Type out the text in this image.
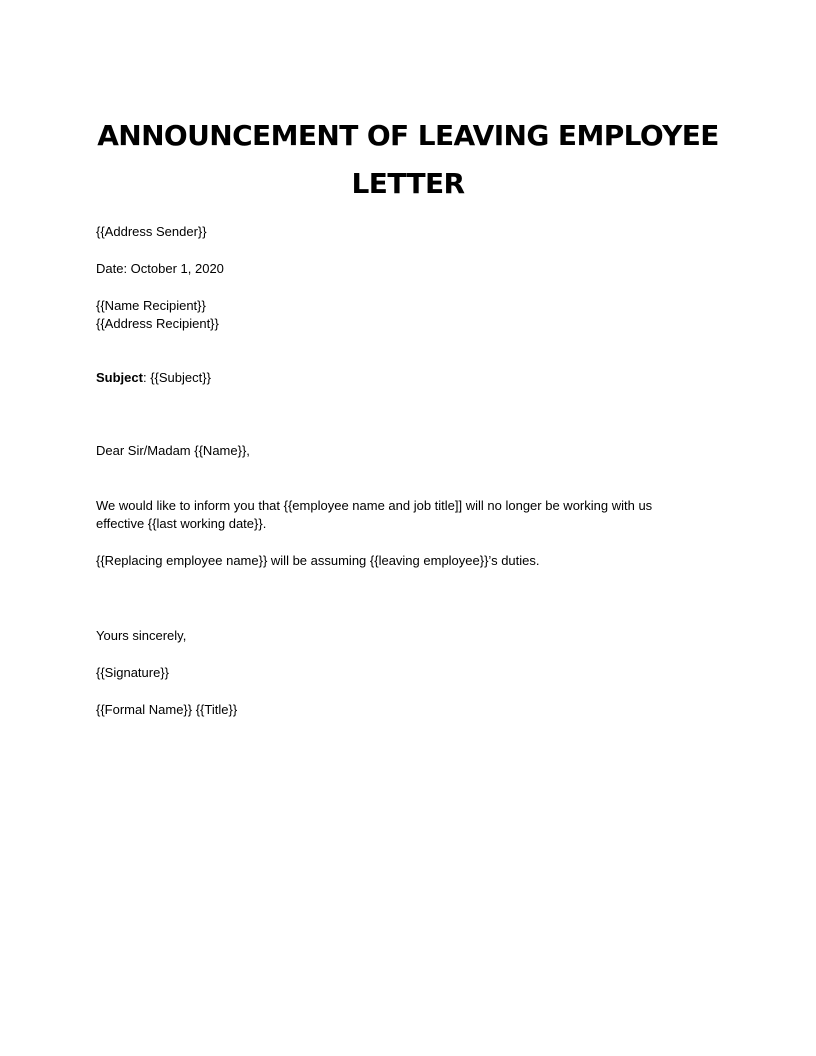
ANNOUNCEMENT OF LEAVING EMPLOYEE
LETTER
{{Address Sender}}
Date: October 1, 2020
{{Name Recipient}}
{{Address Recipient}}
Subject: {{Subject}}
Dear Sir/Madam {{Name}},
We would like to inform you that {{employee name and job title]] will no longer be working with us
effective {{last working date}}.
{{Replacing employee name}} will be assuming {{leaving employee}}’s duties.
Yours sincerely,
{{Signature}}
{{Formal Name}} {{Title}}
